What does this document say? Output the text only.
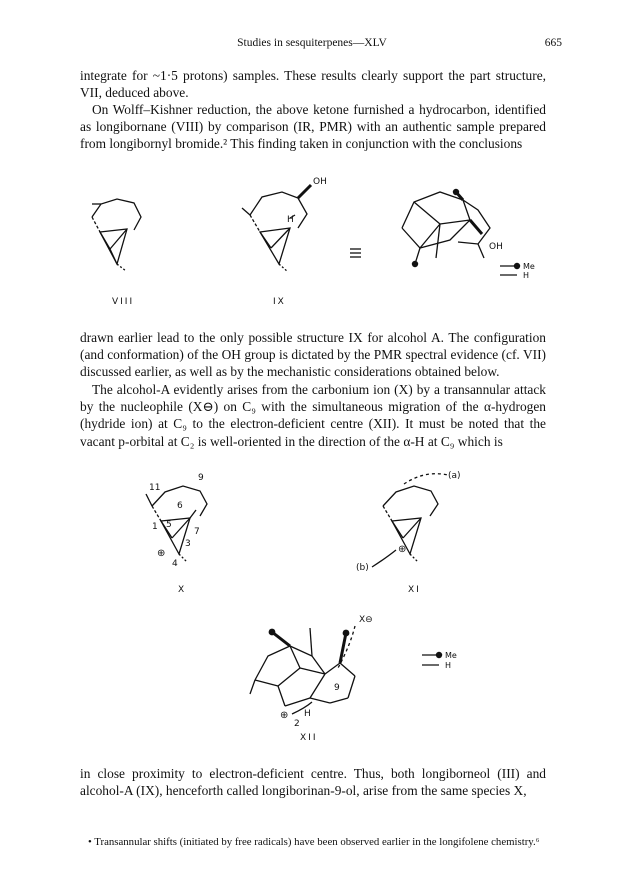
Studies in sesquiterpenes—XLV	665

integrate for ~1·5 protons) samples. These results clearly support the part structure, VII, deduced above.

On Wolff–Kishner reduction, the above ketone furnished a hydrocarbon, identified as longibornane (VIII) by comparison (IR, PMR) with an authentic sample prepared from longibornyl bromide.² This finding taken in conjunction with the conclusions

OH
H
OH
Me
H
VIII	IX

drawn earlier lead to the only possible structure IX for alcohol A. The configuration (and conformation) of the OH group is dictated by the PMR spectral evidence (cf. VII) discussed earlier, as well as by the mechanistic considerations obtained below.

The alcohol-A evidently arises from the carbonium ion (X) by a transannular attack by the nucleophile (X⊖) on C₉ with the simultaneous migration of the α-hydrogen (hydride ion) at C₉ to the electron-deficient centre (XII). It must be noted that the vacant p-orbital at C₂ is well-oriented in the direction of the α-H at C₉ which is

9
11
6
5
1	7
3
4
⊕
(a)
(b)
⊕
X	XI
X⊖
9
2
H
⊕
Me
H
XII

in close proximity to electron-deficient centre. Thus, both longiborneol (III) and alcohol-A (IX), henceforth called longiborinan-9-ol, arise from the same species X,

• Transannular shifts (initiated by free radicals) have been observed earlier in the longifolene chemistry.⁶
